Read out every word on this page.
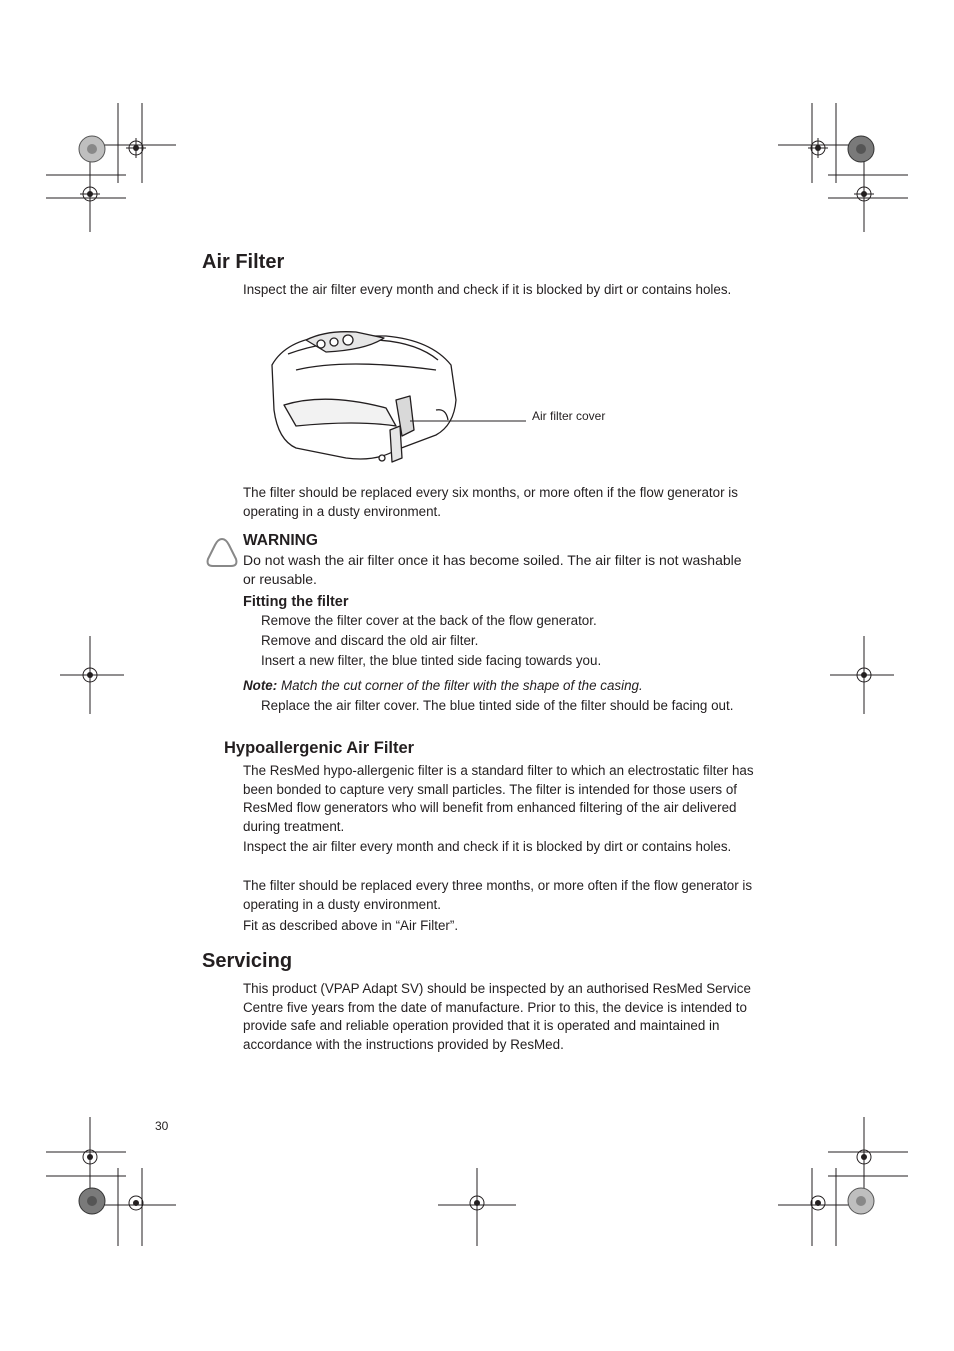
Air Filter
Inspect the air filter every month and check if it is blocked by dirt or contains holes.
Air filter cover
The filter should be replaced every six months, or more often if the flow generator is operating in a dusty environment.
WARNING
Do not wash the air filter once it has become soiled. The air filter is not washable or reusable.
Fitting the filter
Remove the filter cover at the back of the flow generator.
Remove and discard the old air filter.
Insert a new filter, the blue tinted side facing towards you.
Note: Match the cut corner of the filter with the shape of the casing.
Replace the air filter cover. The blue tinted side of the filter should be facing out.
Hypoallergenic Air Filter
The ResMed hypo-allergenic filter is a standard filter to which an electrostatic filter has been bonded to capture very small particles. The filter is intended for those users of ResMed flow generators who will benefit from enhanced filtering of the air delivered during treatment.
Inspect the air filter every month and check if it is blocked by dirt or contains holes.
The filter should be replaced every three months, or more often if the flow generator is operating in a dusty environment.
Fit as described above in “Air Filter”.
Servicing
This product (VPAP Adapt SV) should be inspected by an authorised ResMed Service Centre five years from the date of manufacture. Prior to this, the device is intended to provide safe and reliable operation provided that it is operated and maintained in accordance with the instructions provided by ResMed.
30
